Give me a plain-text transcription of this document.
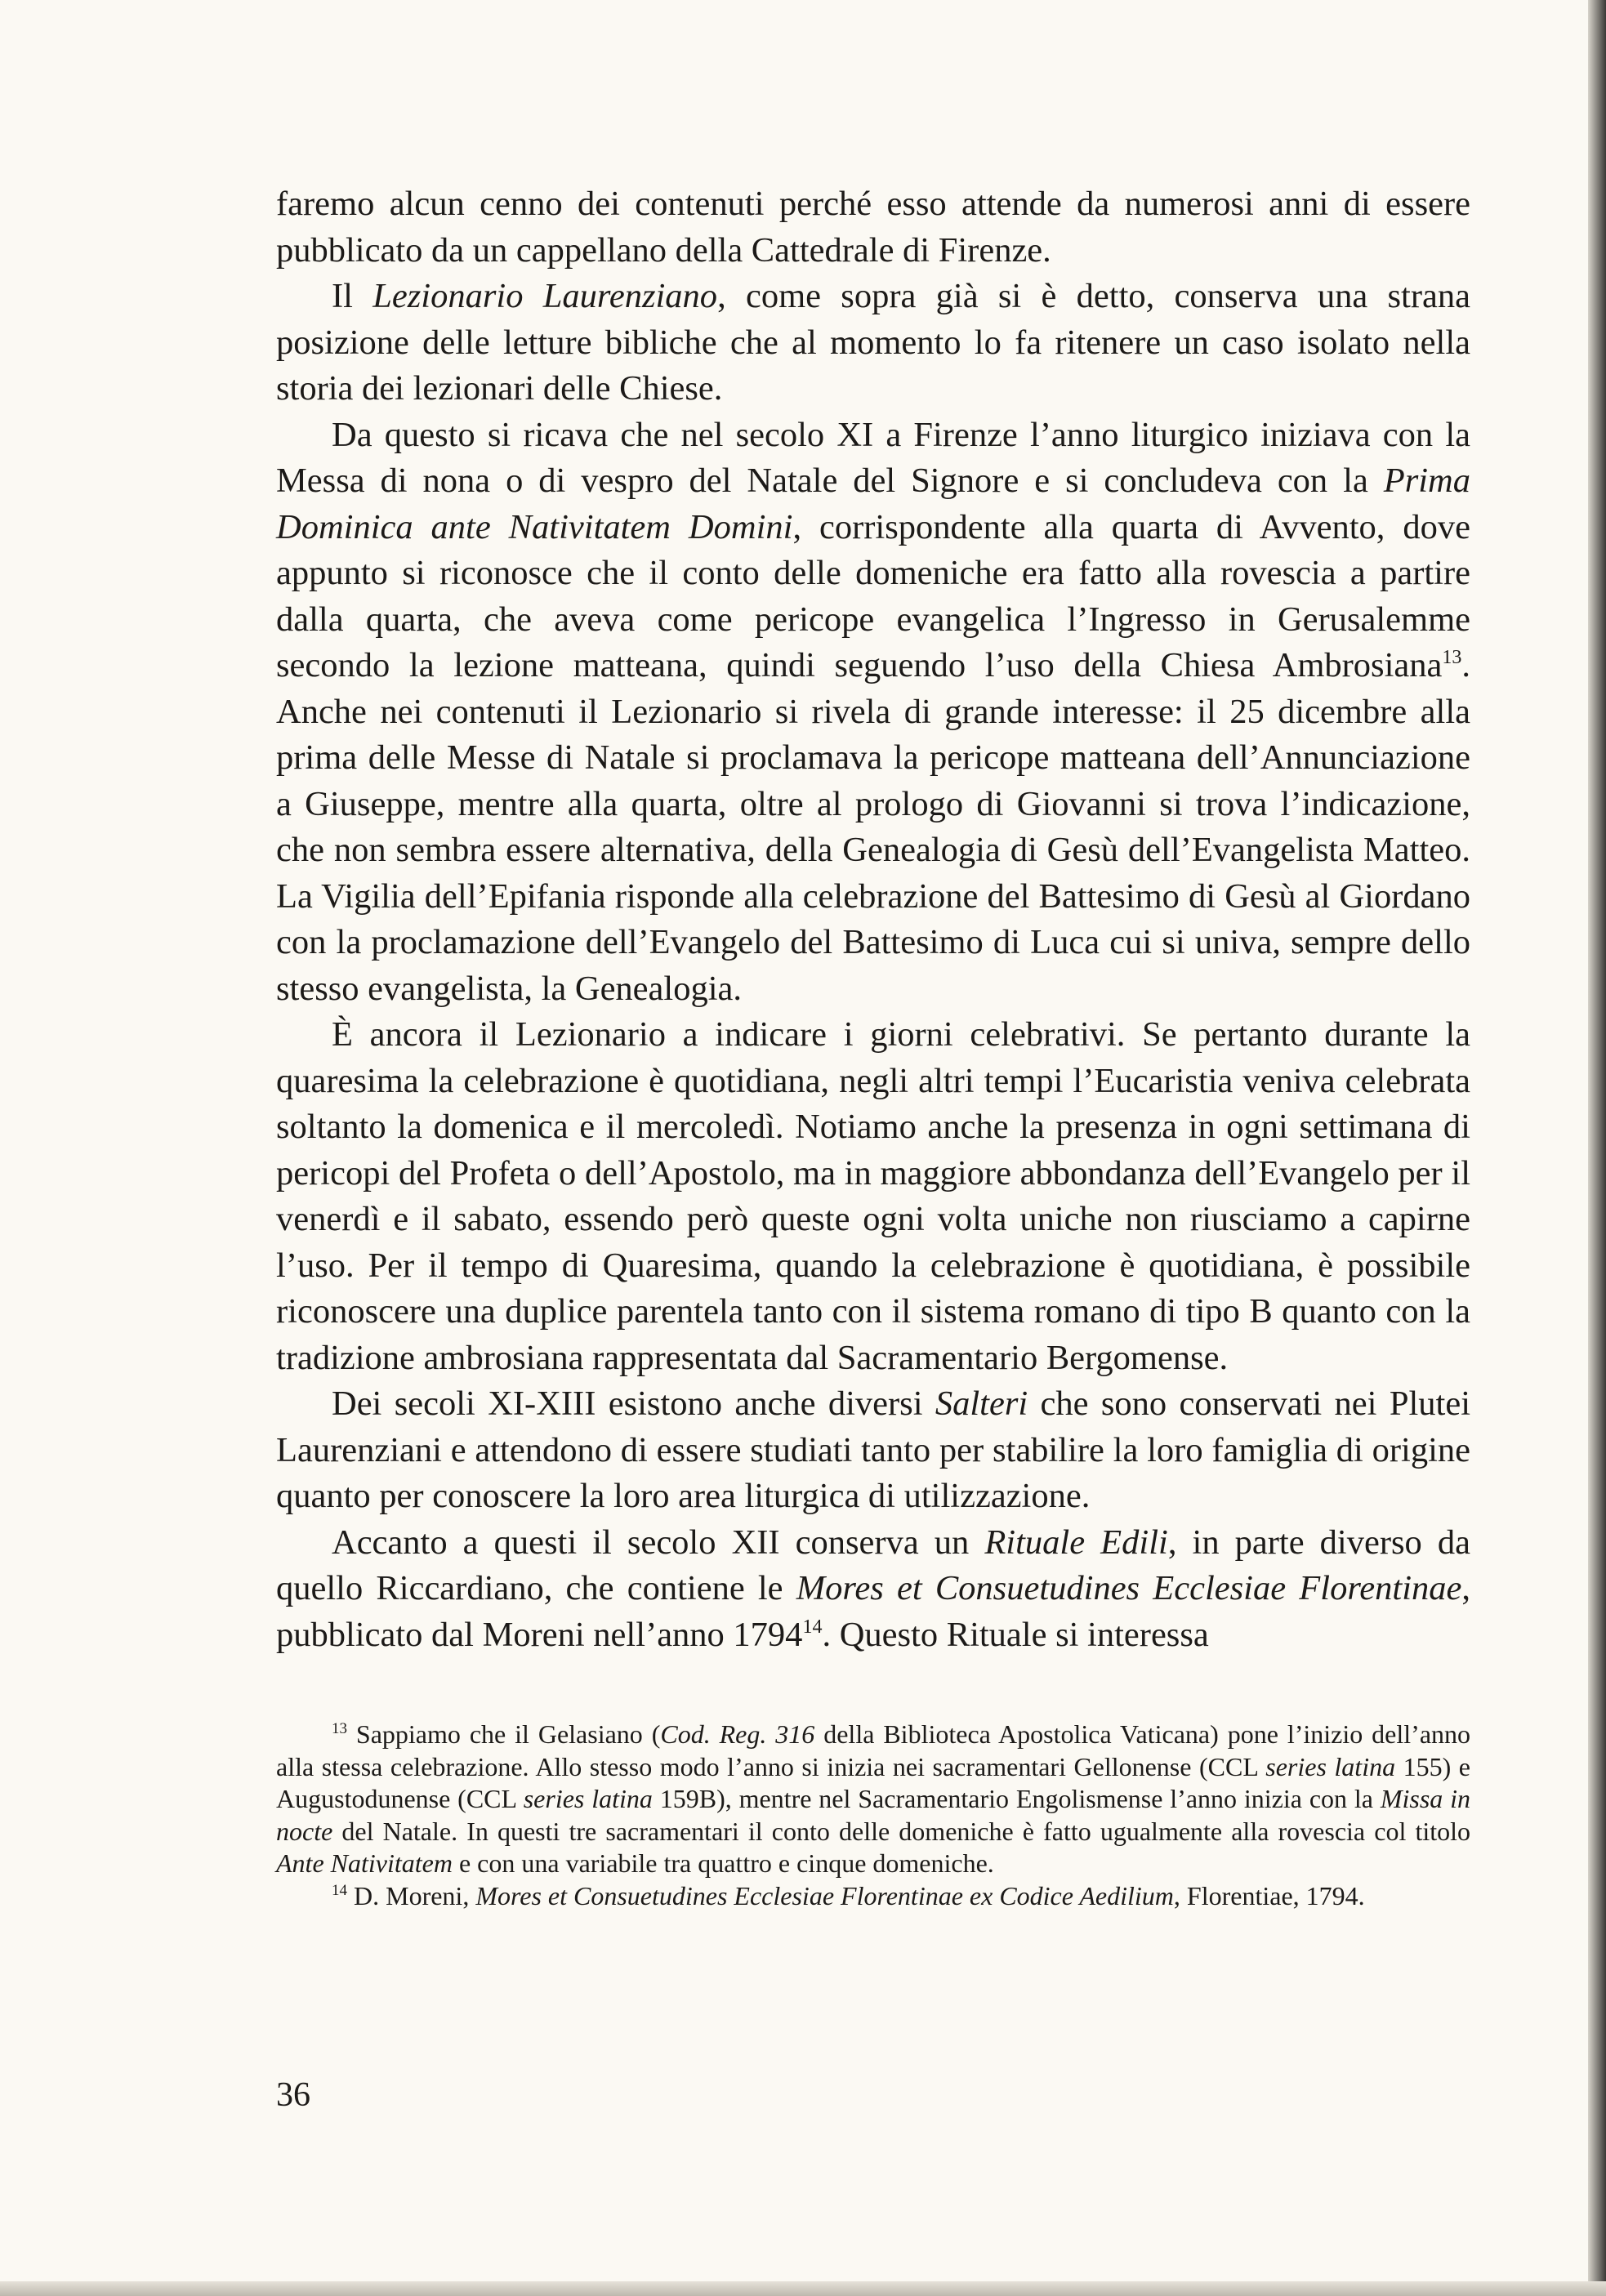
faremo alcun cenno dei contenuti perché esso attende da numerosi anni di essere pubblicato da un cappellano della Cattedrale di Firenze.

Il Lezionario Laurenziano, come sopra già si è detto, conserva una strana posizione delle letture bibliche che al momento lo fa ritenere un caso isolato nella storia dei lezionari delle Chiese.

Da questo si ricava che nel secolo XI a Firenze l’anno liturgico iniziava con la Messa di nona o di vespro del Natale del Signore e si concludeva con la Prima Dominica ante Nativitatem Domini, corrispondente alla quarta di Avvento, dove appunto si riconosce che il conto delle domeniche era fatto alla rovescia a partire dalla quarta, che aveva come pericope evangelica l’Ingresso in Gerusalemme secondo la lezione matteana, quindi seguendo l’uso della Chiesa Ambrosiana$^{13}$. Anche nei contenuti il Lezionario si rivela di grande interesse: il 25 dicembre alla prima delle Messe di Natale si proclamava la pericope matteana dell’Annunciazione a Giuseppe, mentre alla quarta, oltre al prologo di Giovanni si trova l’indicazione, che non sembra essere alternativa, della Genealogia di Gesù dell’Evangelista Matteo. La Vigilia dell’Epifania risponde alla celebrazione del Battesimo di Gesù al Giordano con la proclamazione dell’Evangelo del Battesimo di Luca cui si univa, sempre dello stesso evangelista, la Genealogia.

È ancora il Lezionario a indicare i giorni celebrativi. Se pertanto durante la quaresima la celebrazione è quotidiana, negli altri tempi l’Eucaristia veniva celebrata soltanto la domenica e il mercoledì. Notiamo anche la presenza in ogni settimana di pericopi del Profeta o dell’Apostolo, ma in maggiore abbondanza dell’Evangelo per il venerdì e il sabato, essendo però queste ogni volta uniche non riusciamo a capirne l’uso. Per il tempo di Quaresima, quando la celebrazione è quotidiana, è possibile riconoscere una duplice parentela tanto con il sistema romano di tipo B quanto con la tradizione ambrosiana rappresentata dal Sacramentario Bergomense.

Dei secoli XI-XIII esistono anche diversi Salteri che sono conservati nei Plutei Laurenziani e attendono di essere studiati tanto per stabilire la loro famiglia di origine quanto per conoscere la loro area liturgica di utilizzazione.

Accanto a questi il secolo XII conserva un Rituale Edili, in parte diverso da quello Riccardiano, che contiene le Mores et Consuetudines Ecclesiae Florentinae, pubblicato dal Moreni nell’anno 1794$^{14}$. Questo Rituale si interessa

$^{13}$ Sappiamo che il Gelasiano (Cod. Reg. 316 della Biblioteca Apostolica Vaticana) pone l’inizio dell’anno alla stessa celebrazione. Allo stesso modo l’anno si inizia nei sacramentari Gellonense (CCL series latina 155) e Augustodunense (CCL series latina 159B), mentre nel Sacramentario Engolismense l’anno inizia con la Missa in nocte del Natale. In questi tre sacramentari il conto delle domeniche è fatto ugualmente alla rovescia col titolo Ante Nativitatem e con una variabile tra quattro e cinque domeniche.

$^{14}$ D. Moreni, Mores et Consuetudines Ecclesiae Florentinae ex Codice Aedilium, Florentiae, 1794.

36
